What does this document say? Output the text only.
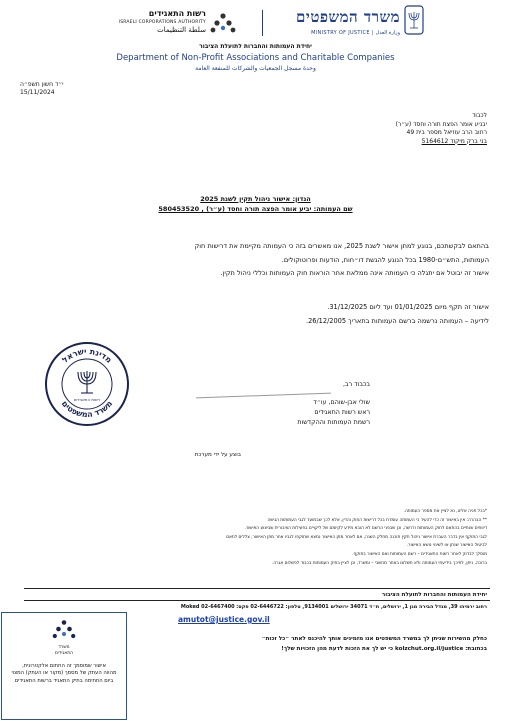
משרד המשפטים
MINISTRY OF JUSTICE | وزارة العدل
רשות התאגידים
ISRAELI CORPORATIONS AUTHORITY
سلطة التنظيمات
יחידת העמותות והחברות לתועלת הציבור
Department of Non-Profit Associations and Charitable Companies
وحدة مسجل الجمعيات والشركات للمنفعة العامة
י״ד חשון תשפ״ה
15/11/2024
לכבוד
יבניע אומר הפצת תורה וחסד (ע״ר)
רחוב הרב עוזיאל מספר בית 49
בני ברק מיקוד 5164612
הנדון: אישור ניהול תקין לשנת 2025
שם העמותה: יביע אומר הפצה תורה וחסד (ע״ר) , 580453520
בהתאם לבקשתכם, בנוגע למתן אישור לשנת 2025, אנו מאשרים בזה כי העמותה מקיימת את דרישות חוק
העמותות, התש״ם-1980 בכל הנוגע להגשת דו״חות, הודעות ופרוטוקולים.
אישור זה יבוטל אם יתגלה כי העמותה אינה ממלאת אחר הוראות חוק העמותות וכללי ניהול תקין.
אישור זה תקף מיום 01/01/2025 ועד ליום 31/12/2025.
לידיעה – העמותה נרשמה ברשם העמותות בתאריך 26/12/2005.
מדינת ישראל
משרד המשפטים
רשות התאגידים
בכבוד רב,
שולי אבן-שוהם, עו״ד
ראש רשות התאגידים
רשמת העמותות וההקדשות
בוצע על ידי מערכת
*בכל פניה אלינו, נא לציין את מספר העמותה.
** הבהרה: אין באישור זה כדי להעיד כי העמותה עומדת בכל דרישות החוק והדין, אלא לכך שבמועד לגבי העמותות הגישה
דיווחים שנתיים בהתאם לחוק העמותות ודרשה, וכן שבפני הרשם לא הובא מידע לקיומם של ליקויים בפעילות הציבורית שביצוע האישור.
לגבי התוקף אין בדבר העברת אישור ניהול תקין תוכנה מחלק השנה, אם לאחר מתן האישור נמצא שתוקפו לגביו אחר מתן האישור, צללים לתאם
לביטול האישור שנתן או לשינוי נושא האישור.
מוסלך לבדוק לאחר רשות התאגידים – רשם העמותות ואם האישור בתוקף.
ברוכה, ניתן, לפיכך בידיעתי העמותה ולא תשלום באתר מחשבי – ומשרד, וכן לציין בתיק העמותות בכבוד לפשלום אגרה.
יחידת העמותות והחברות לתועלת הציבור
רחוב ירמיהו 39, מגדל הבירה מגן 1, ירושלים, ת״ד 34071 ירושלים 9134001, טלפון: 02-6446722 פקס: 02-6467400 Moked
amutot@justice.gov.il
כחלק מהשירות שניתן לך במשרד המשפטים אנו מזמינים אותך להיכנס לאתר ״כל זכות״
בכתובת: kolzchut.org.il/justice כי יש לך את הזכות לדעת מהן הזכויות שלך!
משרד
התאגידים
אישור שמוסמך זה החתום אלקטרונית,
מהווה העתק של מסמך (מקור או העתק) המצוי
ביום החתימה בתיק התאגיד ברשות התאגידים
